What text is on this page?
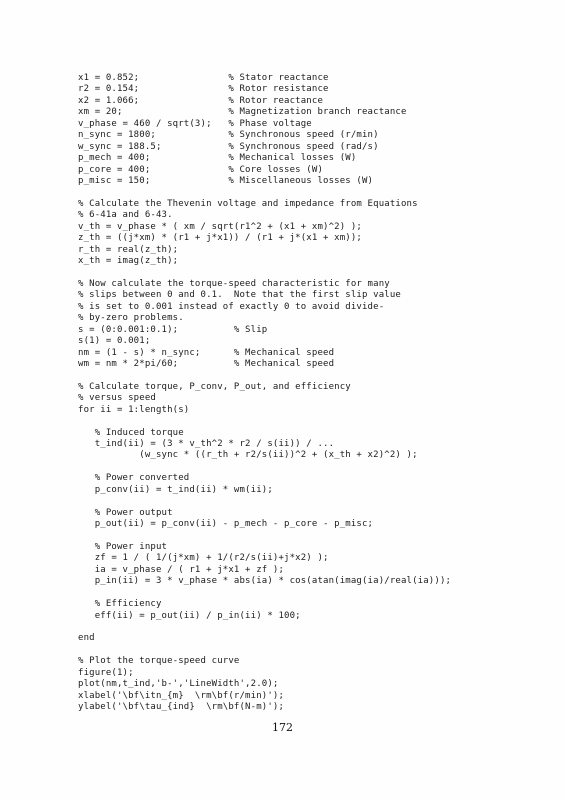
x1 = 0.852;                % Stator reactance
r2 = 0.154;                % Rotor resistance
x2 = 1.066;                % Rotor reactance
xm = 20;                   % Magnetization branch reactance
v_phase = 460 / sqrt(3);   % Phase voltage
n_sync = 1800;             % Synchronous speed (r/min)
w_sync = 188.5;            % Synchronous speed (rad/s)
p_mech = 400;              % Mechanical losses (W)
p_core = 400;              % Core losses (W)
p_misc = 150;              % Miscellaneous losses (W)
% Calculate the Thevenin voltage and impedance from Equations
% 6-41a and 6-43.
v_th = v_phase * ( xm / sqrt(r1^2 + (x1 + xm)^2) );
z_th = ((j*xm) * (r1 + j*x1)) / (r1 + j*(x1 + xm));
r_th = real(z_th);
x_th = imag(z_th);
% Now calculate the torque-speed characteristic for many
% slips between 0 and 0.1.  Note that the first slip value
% is set to 0.001 instead of exactly 0 to avoid divide-
% by-zero problems.
s = (0:0.001:0.1);          % Slip
s(1) = 0.001;
nm = (1 - s) * n_sync;      % Mechanical speed
wm = nm * 2*pi/60;          % Mechanical speed
% Calculate torque, P_conv, P_out, and efficiency
% versus speed
for ii = 1:length(s)
% Induced torque
t_ind(ii) = (3 * v_th^2 * r2 / s(ii)) / ...
(w_sync * ((r_th + r2/s(ii))^2 + (x_th + x2)^2) );
% Power converted
p_conv(ii) = t_ind(ii) * wm(ii);
% Power output
p_out(ii) = p_conv(ii) - p_mech - p_core - p_misc;
% Power input
zf = 1 / ( 1/(j*xm) + 1/(r2/s(ii)+j*x2) );
ia = v_phase / ( r1 + j*x1 + zf );
p_in(ii) = 3 * v_phase * abs(ia) * cos(atan(imag(ia)/real(ia)));
% Efficiency
eff(ii) = p_out(ii) / p_in(ii) * 100;
end
% Plot the torque-speed curve
figure(1);
plot(nm,t_ind,'b-','LineWidth',2.0);
xlabel('\bf\itn_{m}  \rm\bf(r/min)');
ylabel('\bf\tau_{ind}  \rm\bf(N-m)');
172
